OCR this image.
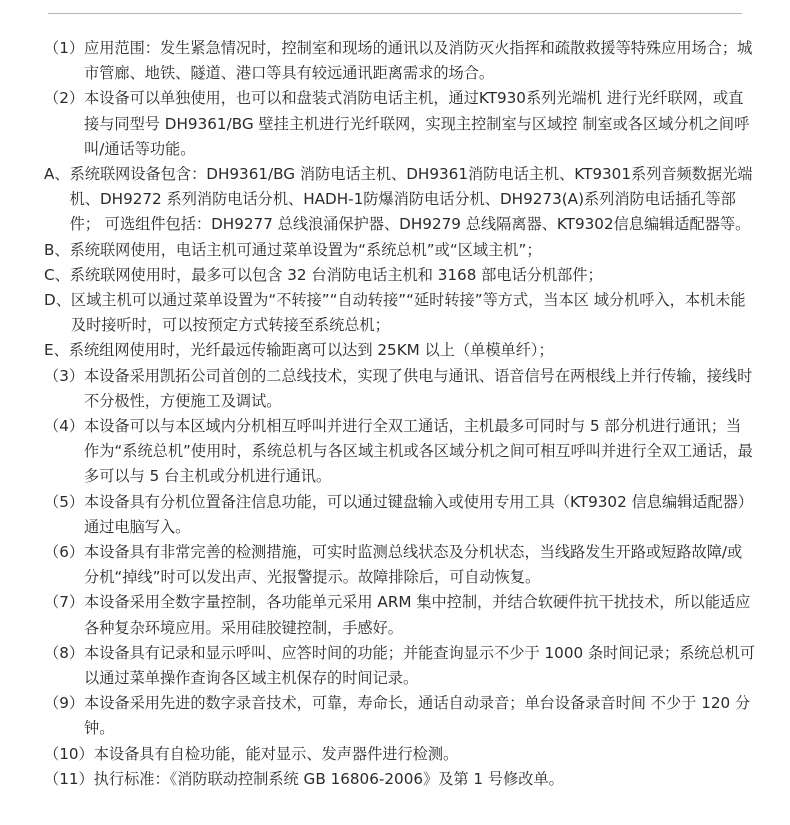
（1） 应用范围：发生紧急情况时，控制室和现场的通讯以及消防灭火指挥和疏散救援等特殊应用场合；城市管廊、地铁、隧道、港口等具有较远通讯距离需求的场合。
（2） 本设备可以单独使用，也可以和盘装式消防电话主机，通过KT930系列光端机 进行光纤联网，或直接与同型号 DH9361/BG 壁挂主机进行光纤联网，实现主控制室与区域控 制室或各区域分机之间呼叫/通话等功能。
A、 系统联网设备包含：DH9361/BG 消防电话主机、DH9361消防电话主机、KT9301系列音频数据光端机、DH9272 系列消防电话分机、HADH-1防爆消防电话分机、DH9273(A)系列消防电话插孔等部件； 可选组件包括：DH9277 总线浪涌保护器、DH9279 总线隔离器、KT9302信息编辑适配器等。
B、 系统联网使用，电话主机可通过菜单设置为“系统总机”或“区域主机”；
C、 系统联网使用时，最多可以包含 32 台消防电话主机和 3168 部电话分机部件；
D、 区域主机可以通过菜单设置为“不转接”“自动转接”“延时转接”等方式，当本区 域分机呼入，本机未能及时接听时，可以按预定方式转接至系统总机；
E、 系统组网使用时，光纤最远传输距离可以达到 25KM 以上（单模单纤）；
（3） 本设备采用凯拓公司首创的二总线技术，实现了供电与通讯、语音信号在两根线上并行传输，接线时不分极性，方便施工及调试。
（4） 本设备可以与本区域内分机相互呼叫并进行全双工通话，主机最多可同时与 5 部分机进行通讯；当作为“系统总机”使用时，系统总机与各区域主机或各区域分机之间可相互呼叫并进行全双工通话，最多可以与 5 台主机或分机进行通讯。
（5） 本设备具有分机位置备注信息功能，可以通过键盘输入或使用专用工具（KT9302 信息编辑适配器）通过电脑写入。
（6） 本设备具有非常完善的检测措施，可实时监测总线状态及分机状态，当线路发生开路或短路故障/或分机“掉线”时可以发出声、光报警提示。故障排除后，可自动恢复。
（7） 本设备采用全数字量控制，各功能单元采用 ARM 集中控制，并结合软硬件抗干扰技术，所以能适应各种复杂环境应用。采用硅胶键控制，手感好。
（8） 本设备具有记录和显示呼叫、应答时间的功能；并能查询显示不少于 1000 条时间记录；系统总机可以通过菜单操作查询各区域主机保存的时间记录。
（9） 本设备采用先进的数字录音技术，可靠，寿命长，通话自动录音；单台设备录音时间 不少于 120 分钟。
（10） 本设备具有自检功能，能对显示、发声器件进行检测。
（11） 执行标准：《消防联动控制系统 GB 16806-2006》及第 1 号修改单。
